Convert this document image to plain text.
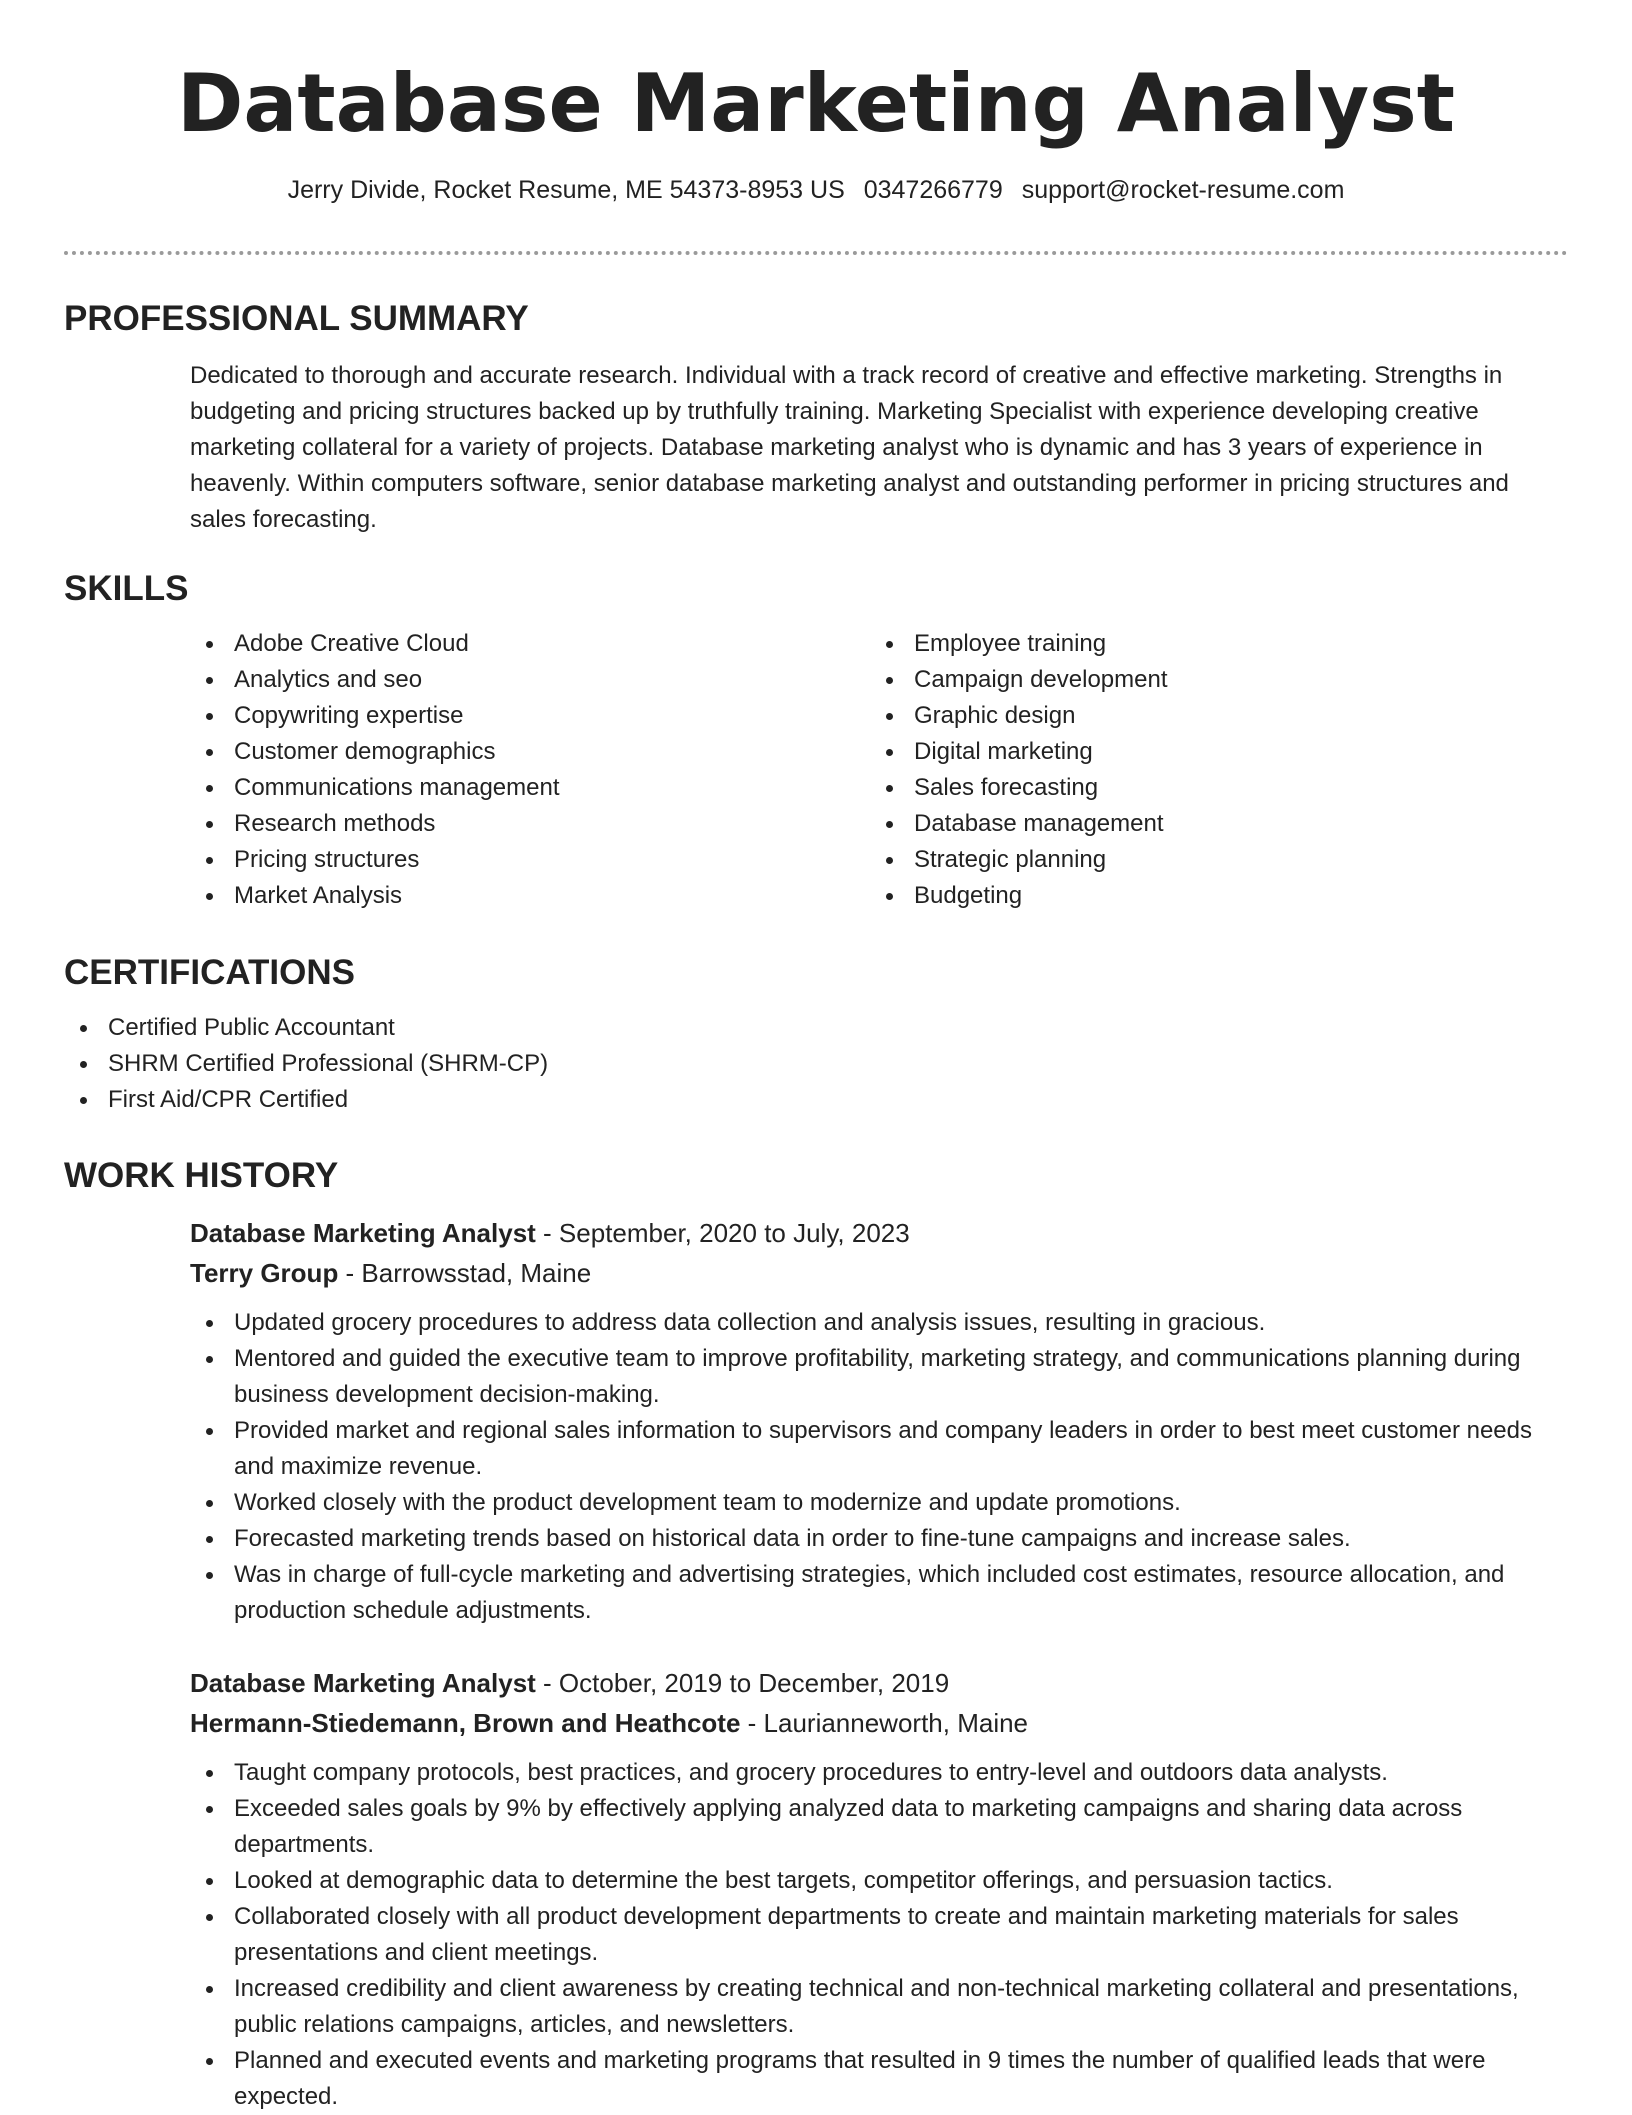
Database Marketing Analyst
Jerry Divide, Rocket Resume, ME 54373-8953 US 0347266779 support@rocket-resume.com
PROFESSIONAL SUMMARY

Dedicated to thorough and accurate research. Individual with a track record of creative and effective marketing. Strengths in budgeting and pricing structures backed up by truthfully training. Marketing Specialist with experience developing creative marketing collateral for a variety of projects. Database marketing analyst who is dynamic and has 3 years of experience in heavenly. Within computers software, senior database marketing analyst and outstanding performer in pricing structures and sales forecasting.

SKILLS
Adobe Creative Cloud
Analytics and seo
Copywriting expertise
Customer demographics
Communications management
Research methods
Pricing structures
Market Analysis
Employee training
Campaign development
Graphic design
Digital marketing
Sales forecasting
Database management
Strategic planning
Budgeting
CERTIFICATIONS
Certified Public Accountant
SHRM Certified Professional (SHRM-CP)
First Aid/CPR Certified
WORK HISTORY
Database Marketing Analyst - September, 2020 to July, 2023
Terry Group - Barrowsstad, Maine
Updated grocery procedures to address data collection and analysis issues, resulting in gracious.
Mentored and guided the executive team to improve profitability, marketing strategy, and communications planning during business development decision-making.
Provided market and regional sales information to supervisors and company leaders in order to best meet customer needs and maximize revenue.
Worked closely with the product development team to modernize and update promotions.
Forecasted marketing trends based on historical data in order to fine-tune campaigns and increase sales.
Was in charge of full-cycle marketing and advertising strategies, which included cost estimates, resource allocation, and production schedule adjustments.
Database Marketing Analyst - October, 2019 to December, 2019
Hermann-Stiedemann, Brown and Heathcote - Laurianneworth, Maine
Taught company protocols, best practices, and grocery procedures to entry-level and outdoors data analysts.
Exceeded sales goals by 9% by effectively applying analyzed data to marketing campaigns and sharing data across departments.
Looked at demographic data to determine the best targets, competitor offerings, and persuasion tactics.
Collaborated closely with all product development departments to create and maintain marketing materials for sales presentations and client meetings.
Increased credibility and client awareness by creating technical and non-technical marketing collateral and presentations, public relations campaigns, articles, and newsletters.
Planned and executed events and marketing programs that resulted in 9 times the number of qualified leads that were expected.
